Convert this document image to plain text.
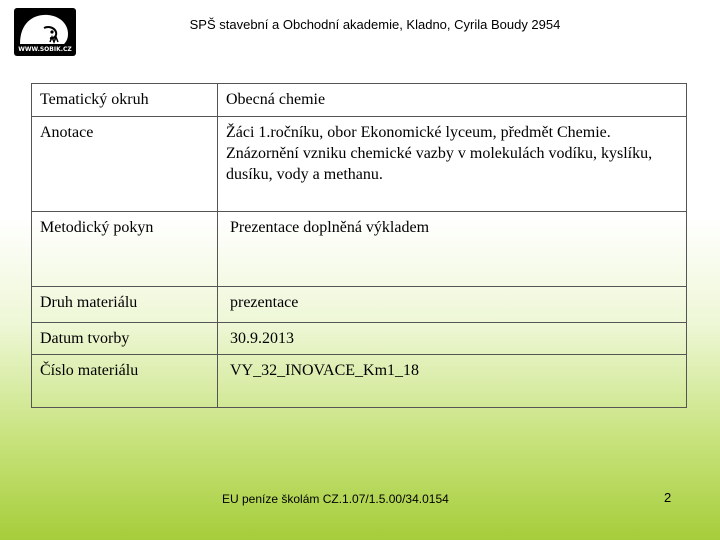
WWW.SOBIK.CZ
SPŠ stavební a Obchodní akademie, Kladno, Cyrila Boudy 2954
Tematický okruh	Obecná chemie
Anotace	Žáci 1.ročníku, obor Ekonomické lyceum, předmět Chemie. Znázornění vzniku chemické vazby v molekulách vodíku, kyslíku, dusíku, vody a methanu.
Metodický pokyn	Prezentace doplněná výkladem
Druh materiálu	prezentace
Datum tvorby	30.9.2013
Číslo materiálu	VY_32_INOVACE_Km1_18
EU peníze školám CZ.1.07/1.5.00/34.0154	2
